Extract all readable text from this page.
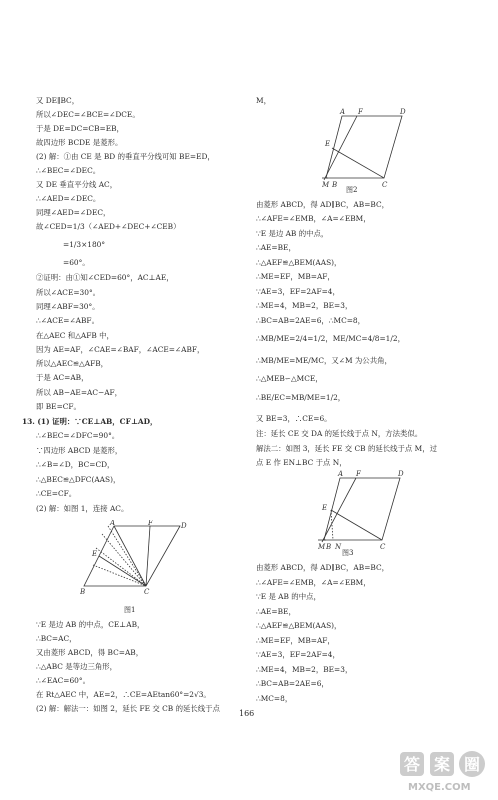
又 DE∥BC，
所以∠DEC=∠BCE=∠DCE。
于是 DE=DC=CB=EB，
故四边形 BCDE 是菱形。
(2) 解：①由 CE 是 BD 的垂直平分线可知 BE=ED，
∴∠BEC=∠DEC。
又 DE 垂直平分线 AC，
∴∠AED=∠DEC。
同理∠AED=∠DEC，
故∠CED=1/3（∠AED+∠DEC+∠CEB）
=1/3×180°
=60°。
②证明：由①知∠CED=60°，AC⊥AE，
所以∠ACE=30°。
同理∠ABF=30°。
∴∠ACE=∠ABF。
在△AEC 和△AFB 中，
因为 AE=AF，∠CAE=∠BAF，∠ACE=∠ABF，
所以△AEC≌△AFB，
于是 AC=AB，
所以 AB−AE=AC−AF，
即 BE=CF。
13. (1) 证明：∵CE⊥AB，CF⊥AD，
∴∠BEC=∠DFC=90°。
∵四边形 ABCD 是菱形，
∴∠B=∠D，BC=CD，
∴△BEC≌△DFC(AAS)，
∴CE=CF。
(2) 解：如图 1，连接 AC。
A	F	D
E
B	C
图1
∵E 是边 AB 的中点，CE⊥AB，
∴BC=AC，
又由菱形 ABCD，得 BC=AB，
∴△ABC 是等边三角形，
∴∠EAC=60°。
在 Rt△AEC 中，AE=2，∴CE=AEtan60°=2√3。
(2) 解：解法一：如图 2，延长 FE 交 CB 的延长线于点
M，
A F	D
E
M B	C
图2
由菱形 ABCD，得 AD∥BC，AB=BC，
∴∠AFE=∠EMB，∠A=∠EBM，
∵E 是边 AB 的中点，
∴AE=BE，
∴△AEF≌△BEM(AAS)，
∴ME=EF，MB=AF，
∵AE=3，EF=2AF=4，
∴ME=4，MB=2，BE=3，
∴BC=AB=2AE=6，∴MC=8，
∴MB/ME=2/4=1/2，ME/MC=4/8=1/2，
∴MB/ME=ME/MC，又∠M 为公共角，
∴△MEB∽△MCE，
∴BE/EC=MB/ME=1/2，
又 BE=3，∴CE=6。
注：延长 CE 交 DA 的延长线于点 N，方法类似。
解法二：如图 3，延长 FE 交 CB 的延长线于点 M，过
点 E 作 EN⊥BC 于点 N，
A F	D
E
M B N	C
图3
由菱形 ABCD，得 AD∥BC，AB=BC，
∴∠AFE=∠EMB，∠A=∠EBM，
∵E 是 AB 的中点，
∴AE=BE，
∴△AEF≌△BEM(AAS)，
∴ME=EF，MB=AF，
∵AE=3，EF=2AF=4，
∴ME=4，MB=2，BE=3，
∴BC=AB=2AE=6，
∴MC=8，
166
答 案 圈
MXQE.COM
